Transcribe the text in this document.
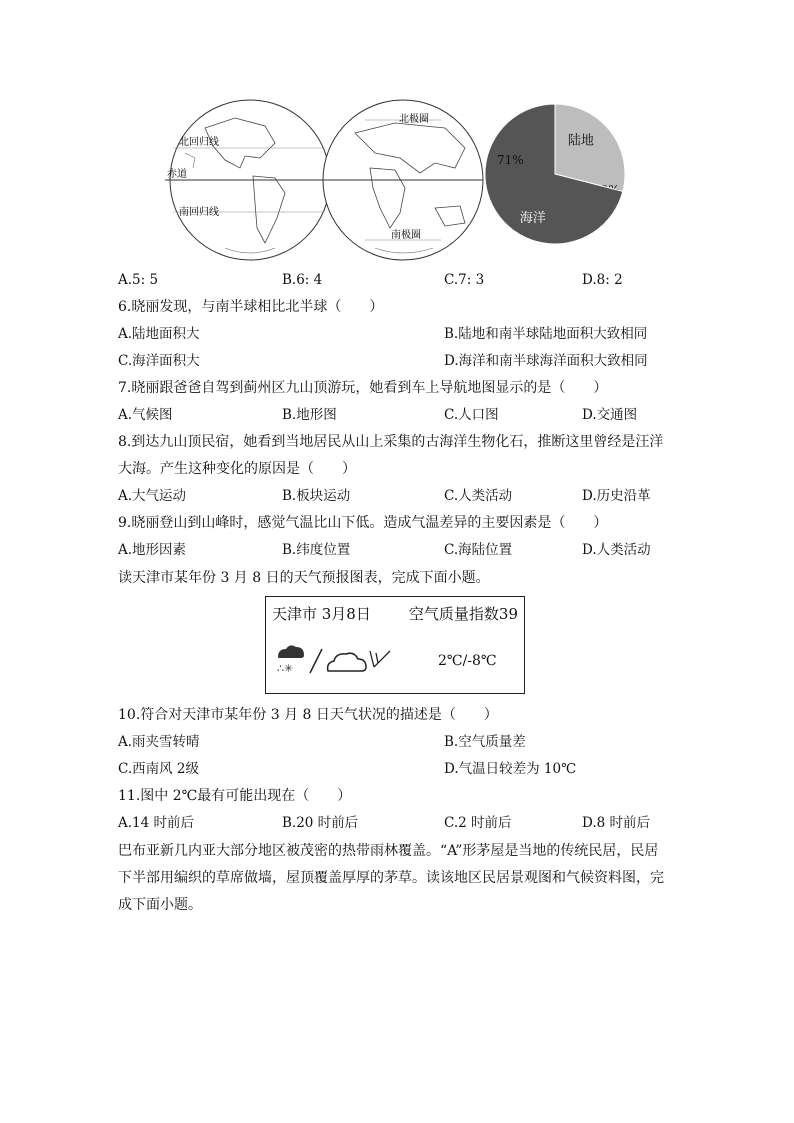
北回归线
赤道
南回归线
北极圈
南极圈
陆地
海洋
71%
A.5: 5	B.6: 4	C.7: 3	D.8: 2
6.晓丽发现，与南半球相比北半球（　　）
A.陆地面积大	B.陆地和南半球陆地面积大致相同
C.海洋面积大	D.海洋和南半球海洋面积大致相同
7.晓丽跟爸爸自驾到蓟州区九山顶游玩，她看到车上导航地图显示的是（　　）
A.气候图	B.地形图	C.人口图	D.交通图
8.到达九山顶民宿，她看到当地居民从山上采集的古海洋生物化石，推断这里曾经是汪洋
大海。产生这种变化的原因是（　　）
A.大气运动	B.板块运动	C.人类活动	D.历史沿革
9.晓丽登山到山峰时，感觉气温比山下低。造成气温差异的主要因素是（　　）
A.地形因素	B.纬度位置	C.海陆位置	D.人类活动
读天津市某年份 3 月 8 日的天气预报图表，完成下面小题。
天津市 3月8日	空气质量指数39
∴✳	2℃/-8℃
10.符合对天津市某年份 3 月 8 日天气状况的描述是（　　）
A.雨夹雪转晴	B.空气质量差
C.西南风 2级	D.气温日较差为 10℃
11.图中 2℃最有可能出现在（　　）
A.14 时前后	B.20 时前后	C.2 时前后	D.8 时前后
巴布亚新几内亚大部分地区被茂密的热带雨林覆盖。“A”形茅屋是当地的传统民居，民居
下半部用编织的草席做墙，屋顶覆盖厚厚的茅草。读该地区民居景观图和气候资料图，完
成下面小题。
